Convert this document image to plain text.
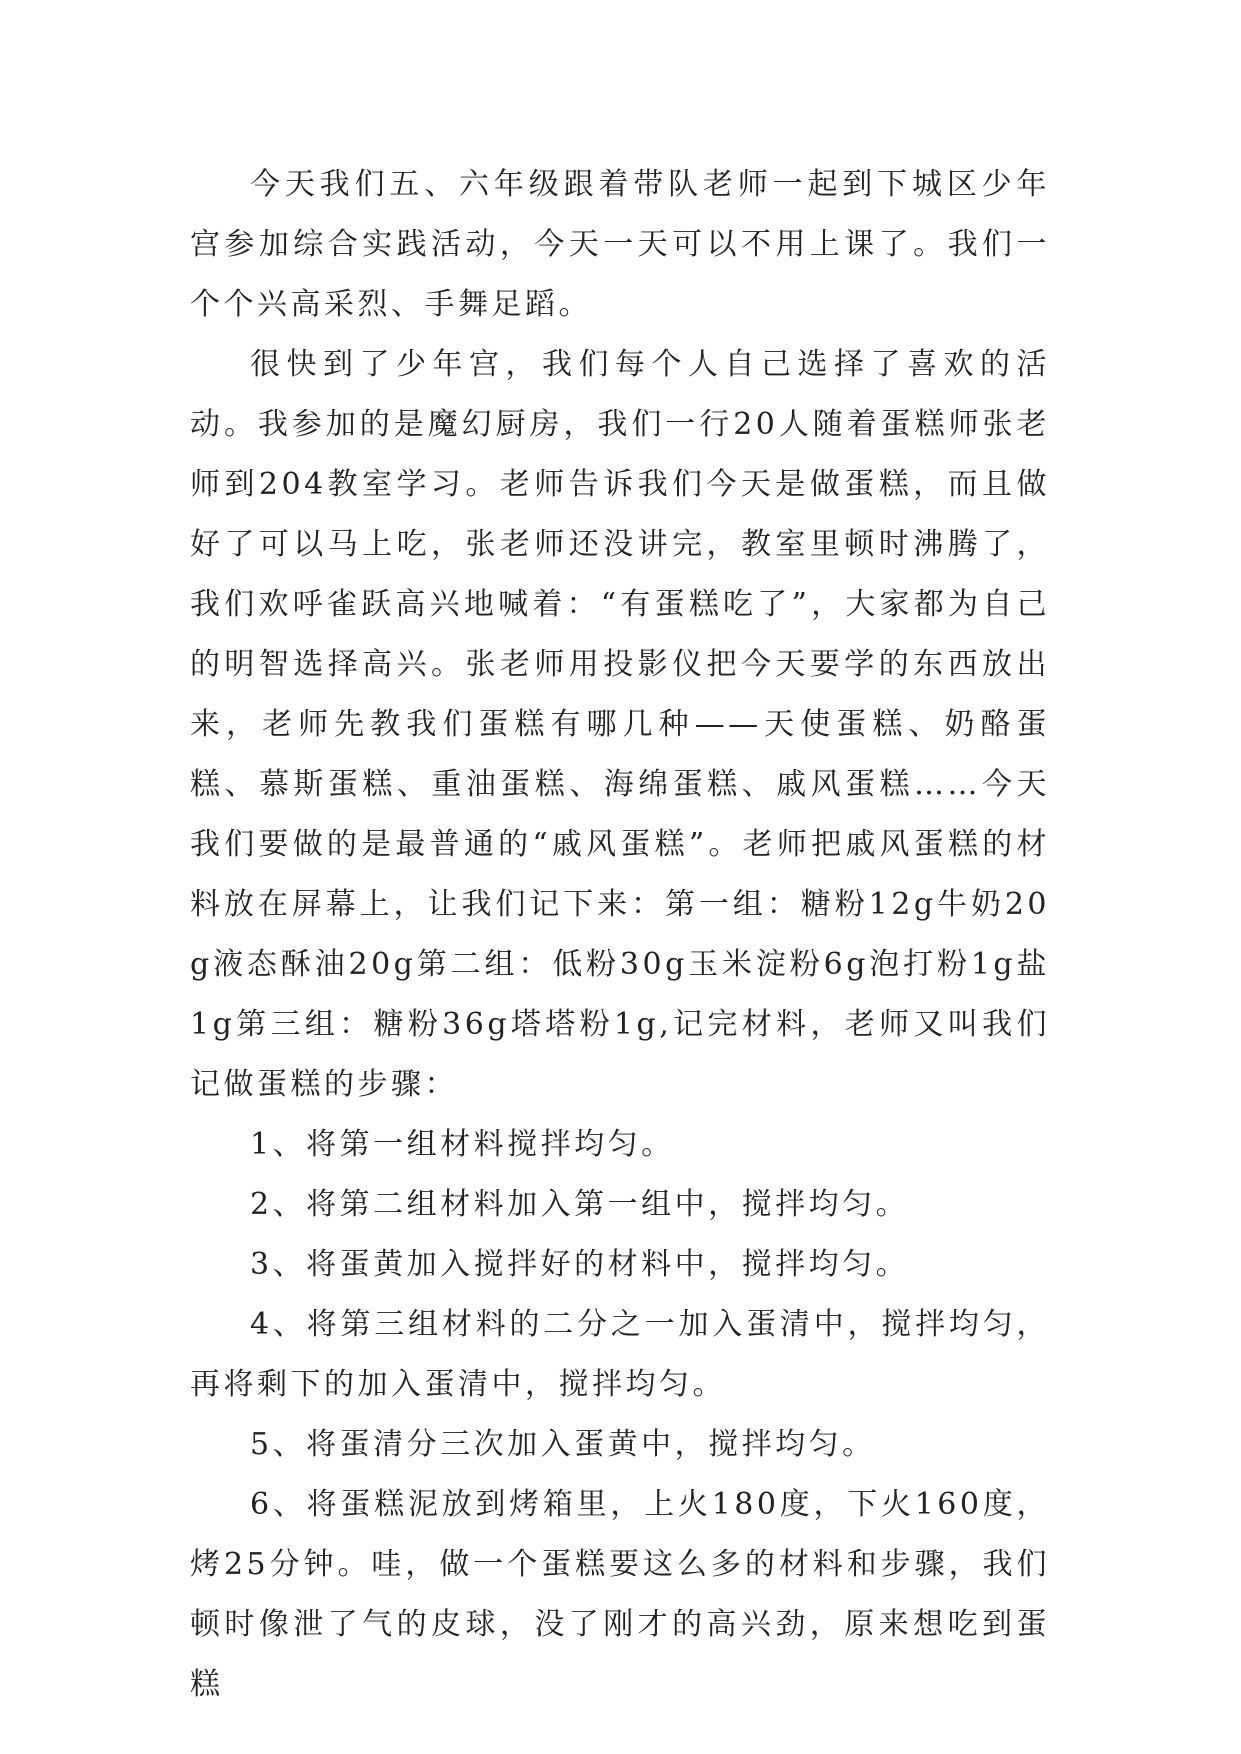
今天我们五、六年级跟着带队老师一起到下城区少年宫参加综合实践活动，今天一天可以不用上课了。我们一个个兴高采烈、手舞足蹈。

很快到了少年宫，我们每个人自己选择了喜欢的活动。我参加的是魔幻厨房，我们一行20人随着蛋糕师张老师到204教室学习。老师告诉我们今天是做蛋糕，而且做好了可以马上吃，张老师还没讲完，教室里顿时沸腾了，我们欢呼雀跃高兴地喊着：“有蛋糕吃了”，大家都为自己的明智选择高兴。张老师用投影仪把今天要学的东西放出来，老师先教我们蛋糕有哪几种——天使蛋糕、奶酪蛋糕、慕斯蛋糕、重油蛋糕、海绵蛋糕、戚风蛋糕……今天我们要做的是最普通的“戚风蛋糕”。老师把戚风蛋糕的材料放在屏幕上，让我们记下来：第一组：糖粉12g牛奶20g液态酥油20g第二组：低粉30g玉米淀粉6g泡打粉1g盐1g第三组：糖粉36g塔塔粉1g,记完材料，老师又叫我们记做蛋糕的步骤：

1、将第一组材料搅拌均匀。

2、将第二组材料加入第一组中，搅拌均匀。

3、将蛋黄加入搅拌好的材料中，搅拌均匀。

4、将第三组材料的二分之一加入蛋清中，搅拌均匀，再将剩下的加入蛋清中，搅拌均匀。

5、将蛋清分三次加入蛋黄中，搅拌均匀。

6、将蛋糕泥放到烤箱里，上火180度，下火160度，烤25分钟。哇，做一个蛋糕要这么多的材料和步骤，我们顿时像泄了气的皮球，没了刚才的高兴劲，原来想吃到蛋糕
